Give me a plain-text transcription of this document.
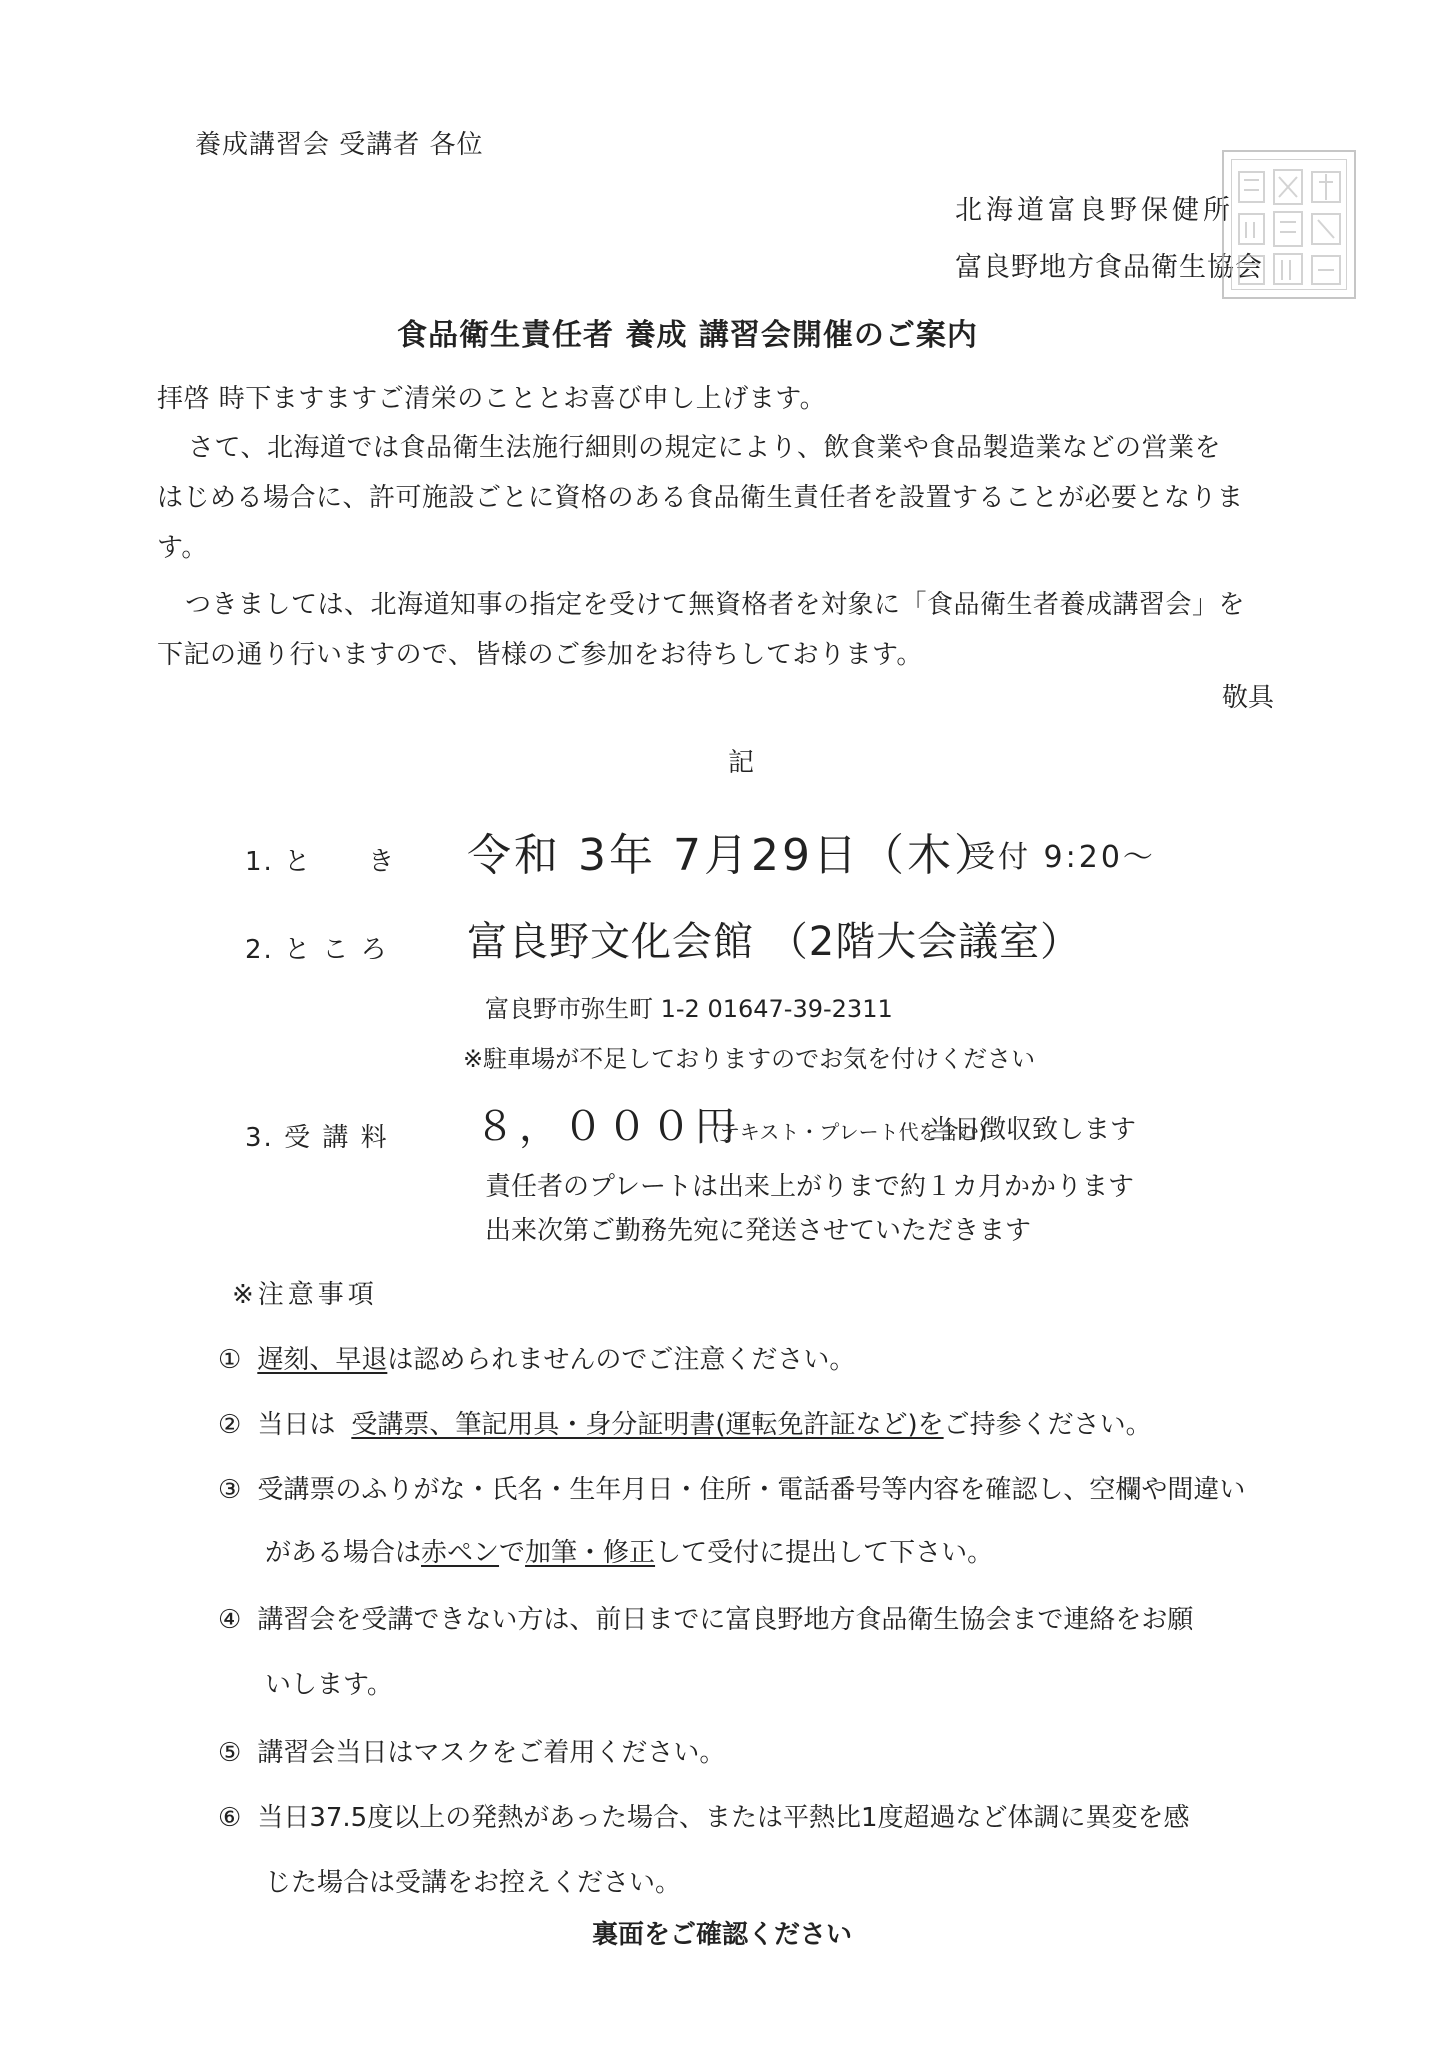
養成講習会 受講者 各位
北海道富良野保健所
富良野地方食品衛生協会
食品衛生責任者 養成 講習会開催のご案内
拝啓 時下ますますご清栄のこととお喜び申し上げます。
さて、北海道では食品衛生法施行細則の規定により、飲食業や食品製造業などの営業を
はじめる場合に、許可施設ごとに資格のある食品衛生責任者を設置することが必要となりま
す。
つきましては、北海道知事の指定を受けて無資格者を対象に「食品衛生者養成講習会」を
下記の通り行いますので、皆様のご参加をお待ちしております。
敬具
記
1. と　　き 令和 3年 7月29日（木）
受付 9:20～
2. と こ ろ 富良野文化会館 （2階大会議室）
富良野市弥生町 1-2 01647-39-2311
※駐車場が不足しておりますのでお気を付けください
3. 受 講 料 ８，０００円
(テキスト・プレート代を含む)
当日徴収致します
責任者のプレートは出来上がりまで約１カ月かかります
出来次第ご勤務先宛に発送させていただきます
※注意事項
① 遅刻、早退は認められませんのでご注意ください。
② 当日は 受講票、筆記用具・身分証明書(運転免許証など)をご持参ください。
③ 受講票のふりがな・氏名・生年月日・住所・電話番号等内容を確認し、空欄や間違い
がある場合は赤ペンで加筆・修正して受付に提出して下さい。
④ 講習会を受講できない方は、前日までに富良野地方食品衛生協会まで連絡をお願
いします。
⑤ 講習会当日はマスクをご着用ください。
⑥ 当日37.5度以上の発熱があった場合、または平熱比1度超過など体調に異変を感
じた場合は受講をお控えください。
裏面をご確認ください
